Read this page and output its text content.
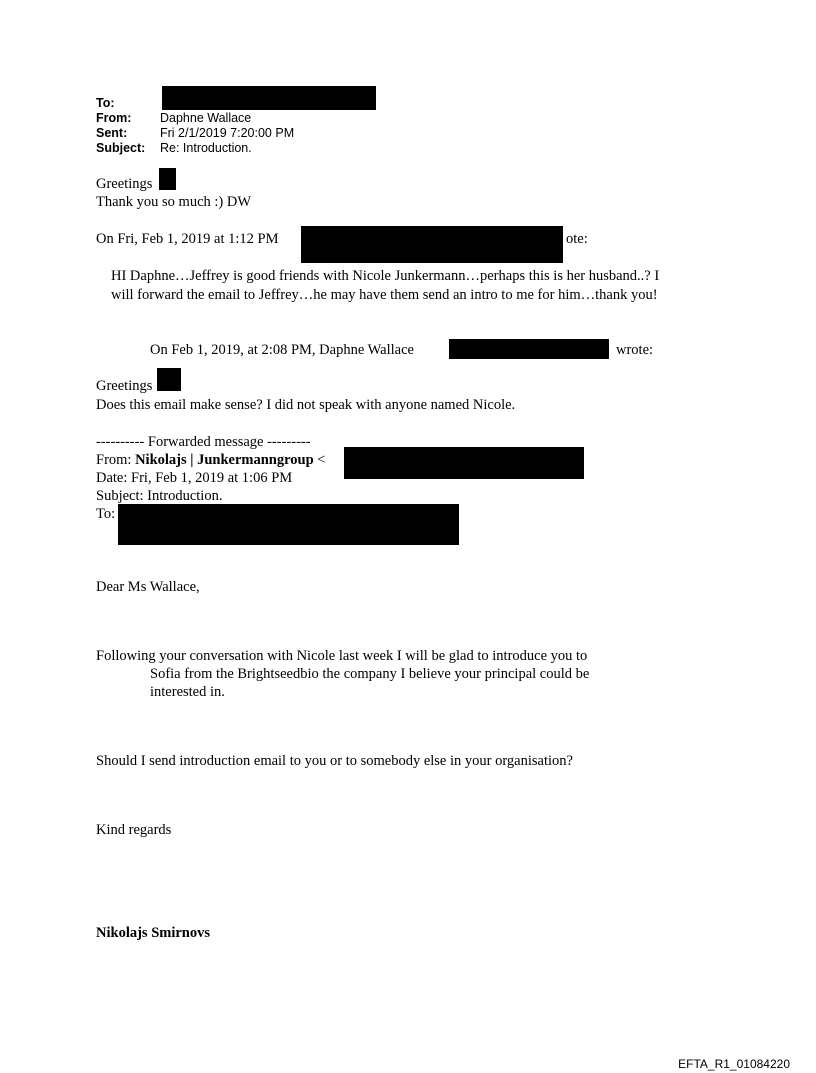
To:
From: Daphne Wallace
Sent:	Fri 2/1/2019 7:20:00 PM
Subject: Re: Introduction.
Greetings
Thank you so much :) DW
On Fri, Feb 1, 2019 at 1:12 PM	ote:
HI Daphne…Jeffrey is good friends with Nicole Junkermann…perhaps this is her husband..? I
will forward the email to Jeffrey…he may have them send an intro to me for him…thank you!
On Feb 1, 2019, at 2:08 PM, Daphne Wallace	wrote:
Greetings
Does this email make sense? I did not speak with anyone named Nicole.
---------- Forwarded message ---------
From: Nikolajs | Junkermanngroup <
Date: Fri, Feb 1, 2019 at 1:06 PM
Subject: Introduction.
To:
Dear Ms Wallace,
Following your conversation with Nicole last week I will be glad to introduce you to
Sofia from the Brightseedbio the company I believe your principal could be
interested in.
Should I send introduction email to you or to somebody else in your organisation?
Kind regards
Nikolajs Smirnovs
EFTA_R1_01084220
